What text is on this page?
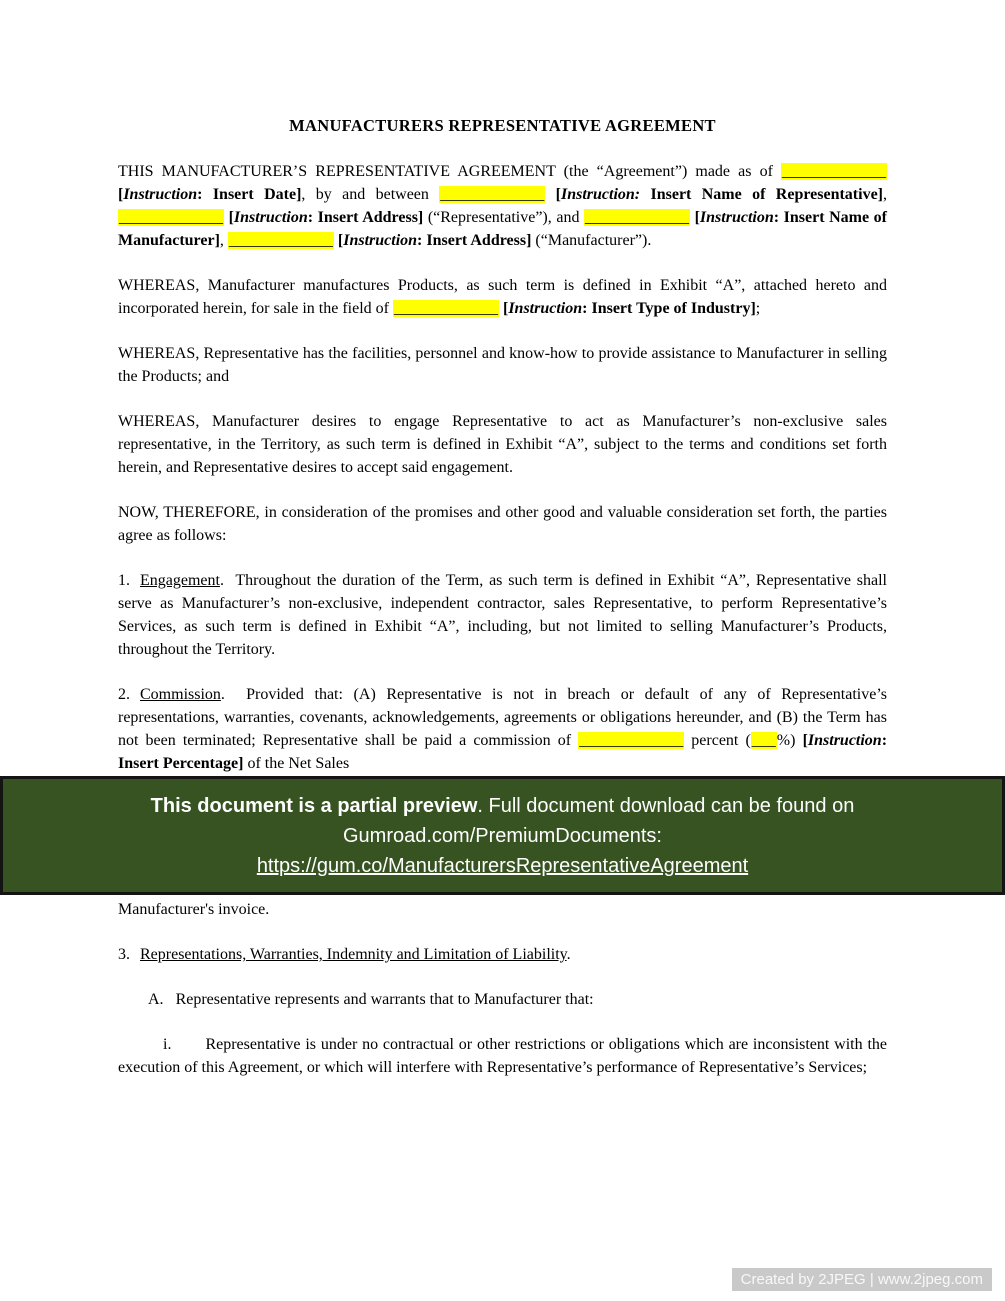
MANUFACTURERS REPRESENTATIVE AGREEMENT

THIS MANUFACTURER’S REPRESENTATIVE AGREEMENT (the “Agreement”) made as of _____________ [Instruction: Insert Date], by and between _____________ [Instruction: Insert Name of Representative], _____________ [Instruction: Insert Address] (“Representative”), and _____________ [Instruction: Insert Name of Manufacturer], _____________ [Instruction: Insert Address] (“Manufacturer”).

WHEREAS, Manufacturer manufactures Products, as such term is defined in Exhibit “A”, attached hereto and incorporated herein, for sale in the field of _____________ [Instruction: Insert Type of Industry];

WHEREAS, Representative has the facilities, personnel and know-how to provide assistance to Manufacturer in selling the Products; and

WHEREAS, Manufacturer desires to engage Representative to act as Manufacturer’s non-exclusive sales representative, in the Territory, as such term is defined in Exhibit “A”, subject to the terms and conditions set forth herein, and Representative desires to accept said engagement.

NOW, THEREFORE, in consideration of the promises and other good and valuable consideration set forth, the parties agree as follows:

1. Engagement.  Throughout the duration of the Term, as such term is defined in Exhibit “A”, Representative shall serve as Manufacturer’s non-exclusive, independent contractor, sales Representative, to perform Representative’s Services, as such term is defined in Exhibit “A”, including, but not limited to selling Manufacturer’s Products, throughout the Territory.

2. Commission.  Provided that: (A) Representative is not in breach or default of any of Representative’s representations, warranties, covenants, acknowledgements, agreements or obligations hereunder, and (B) the Term has not been terminated; Representative shall be paid a commission of _____________ percent (___%) [Instruction: Insert Percentage] of the Net Sales

This document is a partial preview. Full document download can be found on

Gumroad.com/PremiumDocuments:

https://gum.co/ManufacturersRepresentativeAgreement

Manufacturer's invoice.

3. Representations, Warranties, Indemnity and Limitation of Liability.

A. Representative represents and warrants that to Manufacturer that:

i. Representative is under no contractual or other restrictions or obligations which are inconsistent with the execution of this Agreement, or which will interfere with Representative’s performance of Representative’s Services;

Created by 2JPEG | www.2jpeg.com
